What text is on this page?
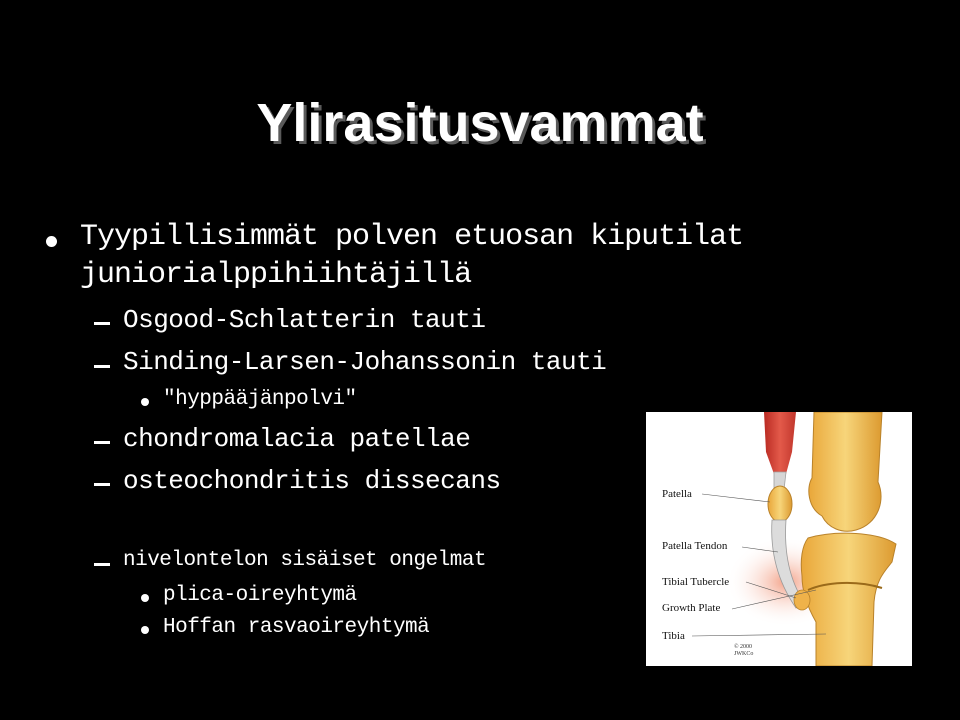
Ylirasitusvammat
Tyypillisimmät polven etuosan kiputilat
juniorialppihiihtäjillä
Osgood-Schlatterin tauti
Sinding-Larsen-Johanssonin tauti
"hyppääjänpolvi"
chondromalacia patellae
osteochondritis dissecans
nivelontelon sisäiset ongelmat
plica-oireyhtymä
Hoffan rasvaoireyhtymä
Patella
Patella Tendon
Tibial Tubercle
Growth Plate
Tibia
© 2000
JWKCo
